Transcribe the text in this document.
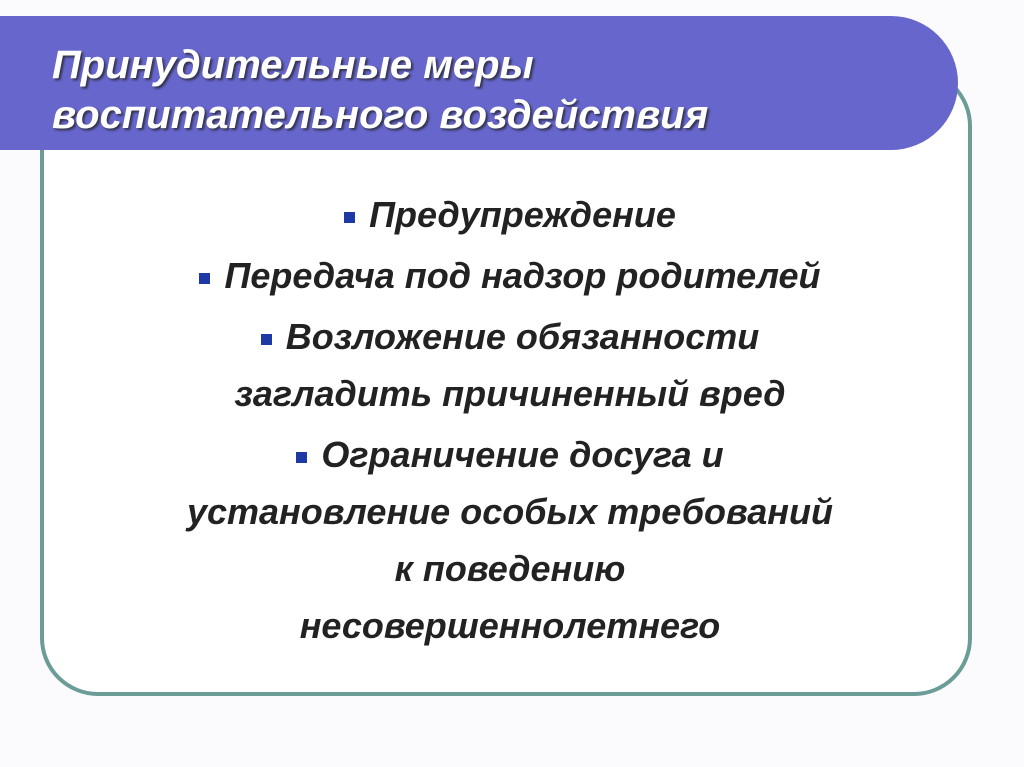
Принудительные меры
воспитательного воздействия

Предупреждение

Передача под надзор родителей

Возложение обязанности
загладить причиненный вред

Ограничение досуга и
установление особых требований
к поведению
несовершеннолетнего
